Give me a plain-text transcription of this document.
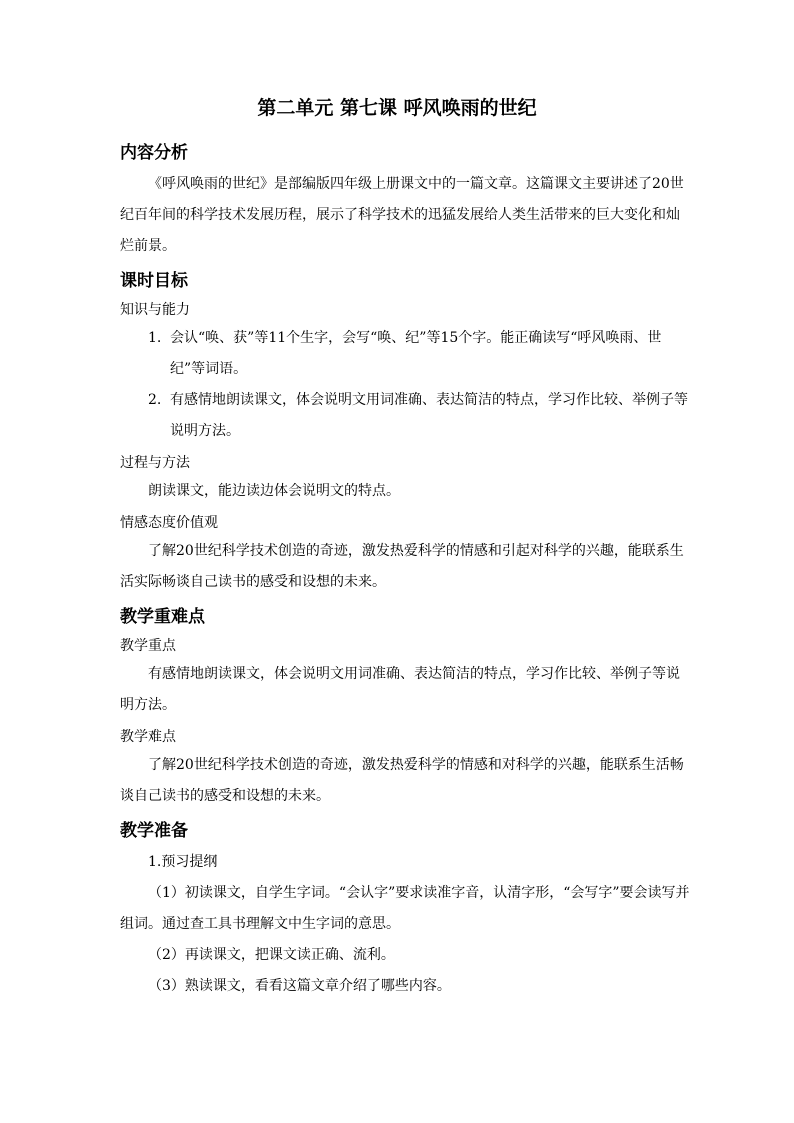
第二单元 第七课 呼风唤雨的世纪
内容分析

《呼风唤雨的世纪》是部编版四年级上册课文中的一篇文章。这篇课文主要讲述了20世纪百年间的科学技术发展历程，展示了科学技术的迅猛发展给人类生活带来的巨大变化和灿烂前景。

课时目标
知识与能力
1. 会认“唤、获”等11个生字，会写“唤、纪”等15个字。能正确读写“呼风唤雨、世纪”等词语。
2. 有感情地朗读课文，体会说明文用词准确、表达简洁的特点，学习作比较、举例子等说明方法。
过程与方法

朗读课文，能边读边体会说明文的特点。

情感态度价值观

了解20世纪科学技术创造的奇迹，激发热爱科学的情感和引起对科学的兴趣，能联系生活实际畅谈自己读书的感受和设想的未来。

教学重难点
教学重点

有感情地朗读课文，体会说明文用词准确、表达简洁的特点，学习作比较、举例子等说明方法。

教学难点

了解20世纪科学技术创造的奇迹，激发热爱科学的情感和对科学的兴趣，能联系生活畅谈自己读书的感受和设想的未来。

教学准备

1.预习提纲

（1）初读课文，自学生字词。“会认字”要求读准字音，认清字形，“会写字”要会读写并组词。通过查工具书理解文中生字词的意思。

（2）再读课文，把课文读正确、流利。

（3）熟读课文，看看这篇文章介绍了哪些内容。
